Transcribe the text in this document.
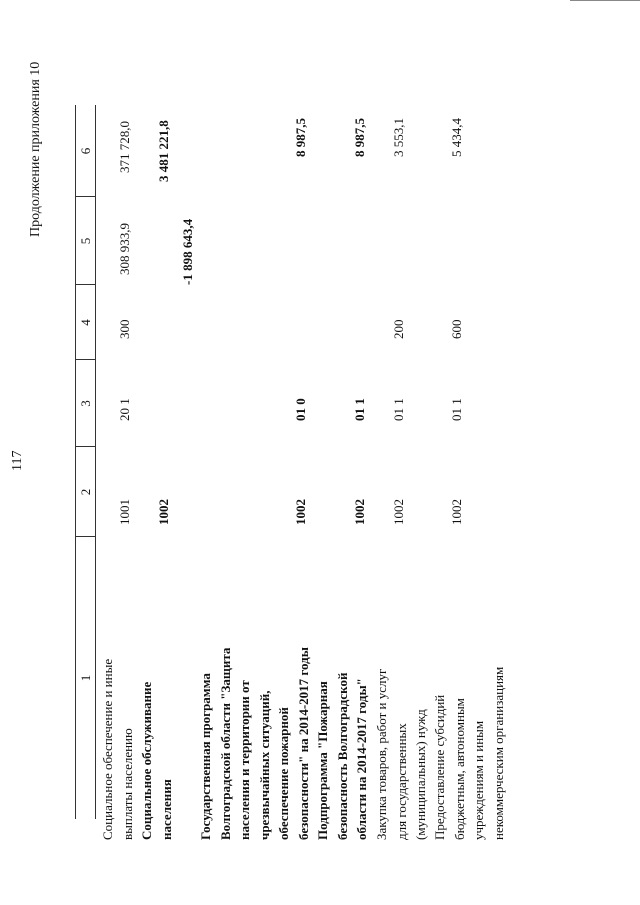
117
Продолжение приложения 10
1
2
3
4
5
6
Социальное обеспечение и иные выплаты населению
1001
20 1
300
308 933,9
371 728,0
Социальное обслуживание населения
1002
-1 898 643,4
3 481 221,8
Государственная программа Волгоградской области "Защита населения и территории от чрезвычайных ситуаций, обеспечение пожарной безопасности" на 2014-2017 годы
1002
01 0
8 987,5
Подпрограмма "Пожарная безопасность Волгоградской области на 2014-2017 годы"
1002
01 1
8 987,5
Закупка товаров, работ и услуг для государственных (муниципальных) нужд
1002
01 1
200
3 553,1
Предоставление субсидий бюджетным, автономным учреждениям и иным некоммерческим организациям
1002
01 1
600
5 434,4
